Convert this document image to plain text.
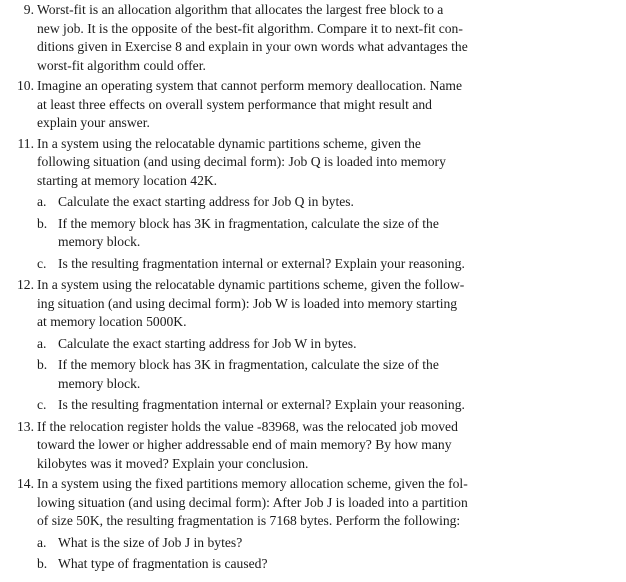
9. Worst-fit is an allocation algorithm that allocates the largest free block to a
new job. It is the opposite of the best-fit algorithm. Compare it to next-fit con-
ditions given in Exercise 8 and explain in your own words what advantages the
worst-fit algorithm could offer.
10. Imagine an operating system that cannot perform memory deallocation. Name
at least three effects on overall system performance that might result and
explain your answer.
11. In a system using the relocatable dynamic partitions scheme, given the
following situation (and using decimal form): Job Q is loaded into memory
starting at memory location 42K.
a. Calculate the exact starting address for Job Q in bytes.
b. If the memory block has 3K in fragmentation, calculate the size of the
memory block.
c. Is the resulting fragmentation internal or external? Explain your reasoning.
12. In a system using the relocatable dynamic partitions scheme, given the follow-
ing situation (and using decimal form): Job W is loaded into memory starting
at memory location 5000K.
a. Calculate the exact starting address for Job W in bytes.
b. If the memory block has 3K in fragmentation, calculate the size of the
memory block.
c. Is the resulting fragmentation internal or external? Explain your reasoning.
13. If the relocation register holds the value -83968, was the relocated job moved
toward the lower or higher addressable end of main memory? By how many
kilobytes was it moved? Explain your conclusion.
14. In a system using the fixed partitions memory allocation scheme, given the fol-
lowing situation (and using decimal form): After Job J is loaded into a partition
of size 50K, the resulting fragmentation is 7168 bytes. Perform the following:
a. What is the size of Job J in bytes?
b. What type of fragmentation is caused?
